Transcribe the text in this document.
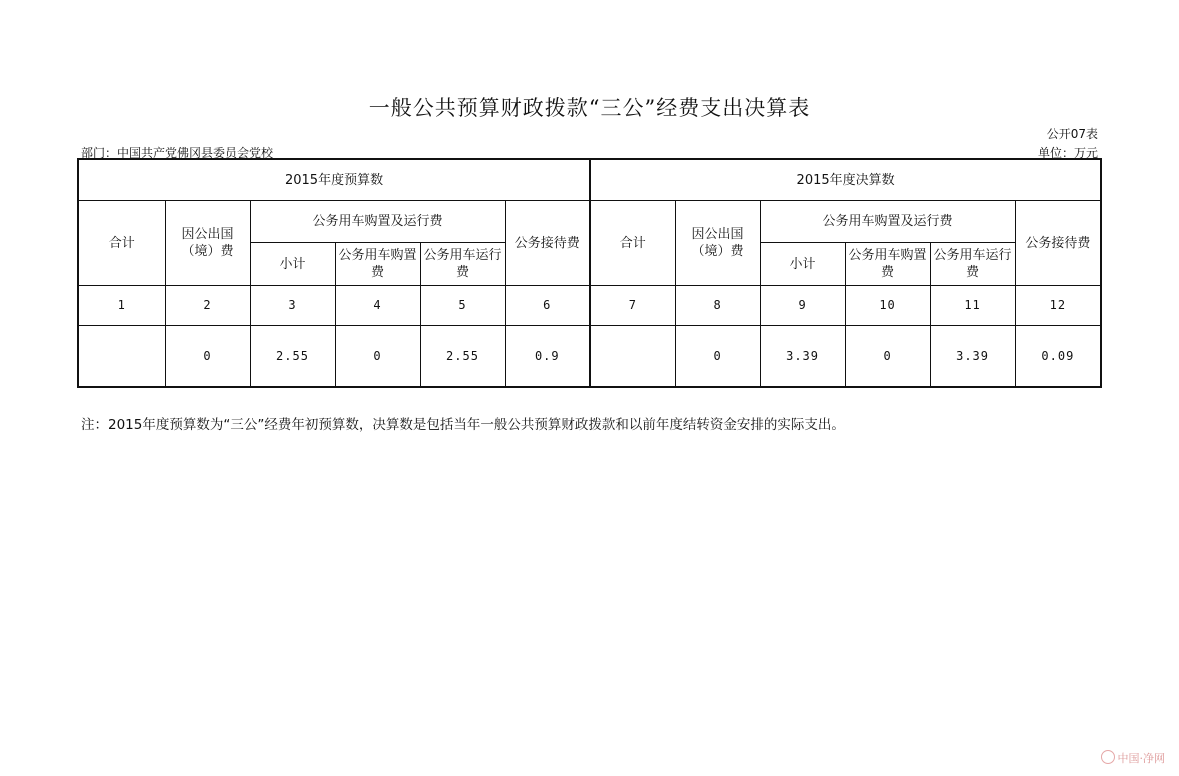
一般公共预算财政拨款“三公”经费支出决算表
公开07表
部门：中国共产党佛冈县委员会党校	单位：万元
2015年度预算数						2015年度决算数					
合计	因公出国（境）费	公务用车购置及运行费			公务接待费	合计	因公出国（境）费	公务用车购置及运行费			公务接待费
		小计	公务用车购置费	公务用车运行费				小计	公务用车购置费	公务用车运行费	
1	2	3	4	5	6	7	8	9	10	11	12
	0	2.55	0	2.55	0.9		0	3.39	0	3.39	0.09
注：2015年度预算数为“三公”经费年初预算数，决算数是包括当年一般公共预算财政拨款和以前年度结转资金安排的实际支出。
中国·净网
